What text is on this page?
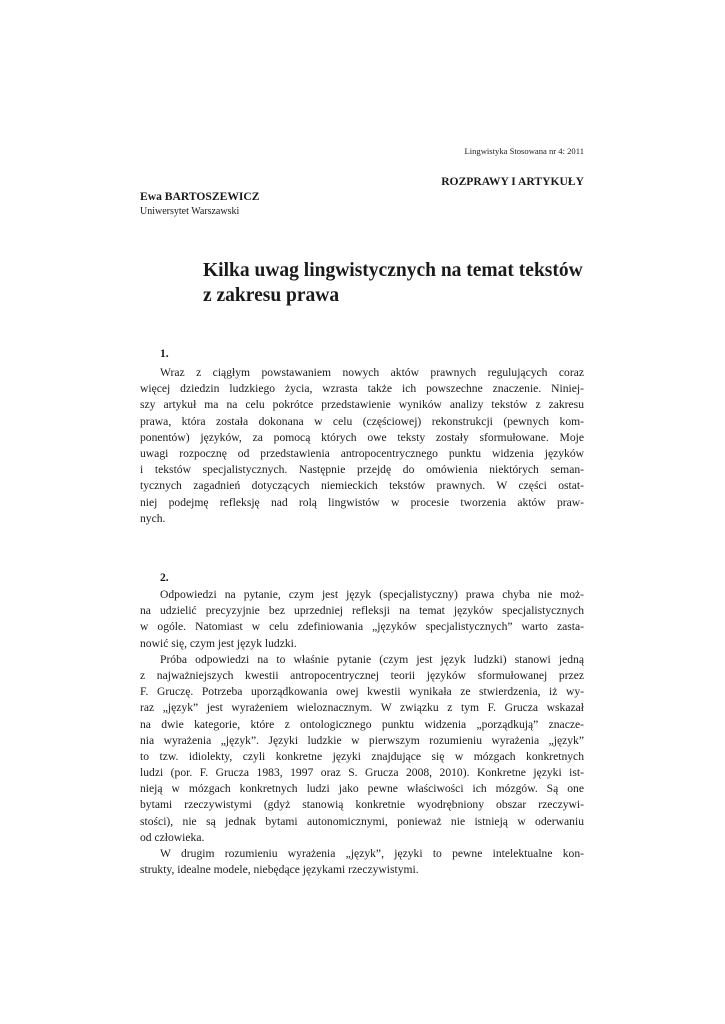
Lingwistyka Stosowana nr 4: 2011
ROZPRAWY I ARTYKUŁY
Ewa BARTOSZEWICZ
Uniwersytet Warszawski
Kilka uwag lingwistycznych na temat tekstów
z zakresu prawa
1.
Wraz z ciągłym powstawaniem nowych aktów prawnych regulujących coraz
więcej dziedzin ludzkiego życia, wzrasta także ich powszechne znaczenie. Niniej-
szy artykuł ma na celu pokrótce przedstawienie wyników analizy tekstów z zakresu
prawa, która została dokonana w celu (częściowej) rekonstrukcji (pewnych kom-
ponentów) języków, za pomocą których owe teksty zostały sformułowane. Moje
uwagi rozpocznę od przedstawienia antropocentrycznego punktu widzenia języków
i tekstów specjalistycznych. Następnie przejdę do omówienia niektórych seman-
tycznych zagadnień dotyczących niemieckich tekstów prawnych. W części ostat-
niej podejmę refleksję nad rolą lingwistów w procesie tworzenia aktów praw-
nych.
2.
Odpowiedzi na pytanie, czym jest język (specjalistyczny) prawa chyba nie moż-
na udzielić precyzyjnie bez uprzedniej refleksji na temat języków specjalistycznych
w ogóle. Natomiast w celu zdefiniowania „języków specjalistycznych” warto zasta-
nowić się, czym jest język ludzki.
Próba odpowiedzi na to właśnie pytanie (czym jest język ludzki) stanowi jedną
z najważniejszych kwestii antropocentrycznej teorii języków sformułowanej przez
F. Gruczę. Potrzeba uporządkowania owej kwestii wynikała ze stwierdzenia, iż wy-
raz „język” jest wyrażeniem wieloznacznym. W związku z tym F. Grucza wskazał
na dwie kategorie, które z ontologicznego punktu widzenia „porządkują” znacze-
nia wyrażenia „język”. Języki ludzkie w pierwszym rozumieniu wyrażenia „język”
to tzw. idiolekty, czyli konkretne języki znajdujące się w mózgach konkretnych
ludzi (por. F. Grucza 1983, 1997 oraz S. Grucza 2008, 2010). Konkretne języki ist-
nieją w mózgach konkretnych ludzi jako pewne właściwości ich mózgów. Są one
bytami rzeczywistymi (gdyż stanowią konkretnie wyodrębniony obszar rzeczywi-
stości), nie są jednak bytami autonomicznymi, ponieważ nie istnieją w oderwaniu
od człowieka.
W drugim rozumieniu wyrażenia „język”, języki to pewne intelektualne kon-
strukty, idealne modele, niebędące językami rzeczywistymi.
